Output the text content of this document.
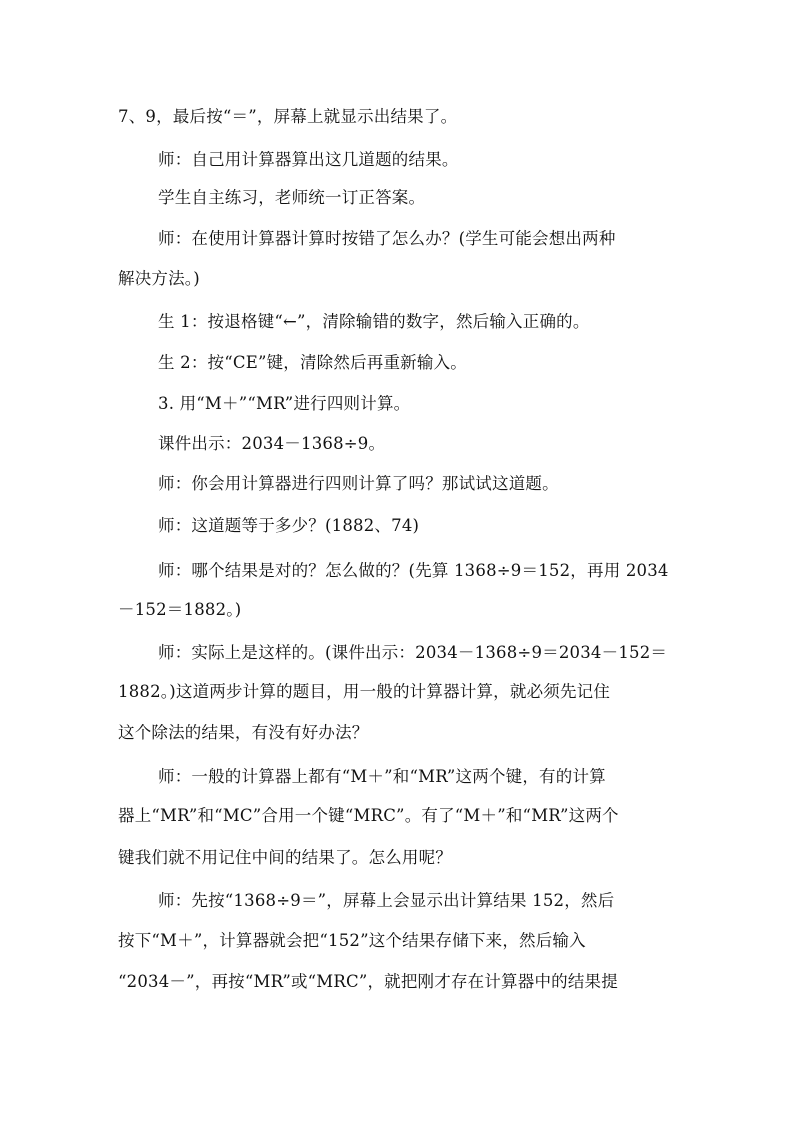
7、9，最后按“＝”，屏幕上就显示出结果了。
师：自己用计算器算出这几道题的结果。
学生自主练习，老师统一订正答案。
师：在使用计算器计算时按错了怎么办？(学生可能会想出两种
解决方法。)
生 1：按退格键“←”，清除输错的数字，然后输入正确的。
生 2：按“CE”键，清除然后再重新输入。
3. 用“M＋”“MR”进行四则计算。
课件出示：2034－1368÷9。
师：你会用计算器进行四则计算了吗？那试试这道题。
师：这道题等于多少？(1882、74)
师：哪个结果是对的？怎么做的？(先算 1368÷9＝152，再用 2034
－152＝1882。)
师：实际上是这样的。(课件出示：2034－1368÷9＝2034－152＝
1882。)这道两步计算的题目，用一般的计算器计算，就必须先记住
这个除法的结果，有没有好办法？
师：一般的计算器上都有“M＋”和“MR”这两个键，有的计算
器上“MR”和“MC”合用一个键“MRC”。有了“M＋”和“MR”这两个
键我们就不用记住中间的结果了。怎么用呢？
师：先按“1368÷9＝”，屏幕上会显示出计算结果 152，然后
按下“M＋”，计算器就会把“152”这个结果存储下来，然后输入
“2034－”，再按“MR”或“MRC”，就把刚才存在计算器中的结果提
